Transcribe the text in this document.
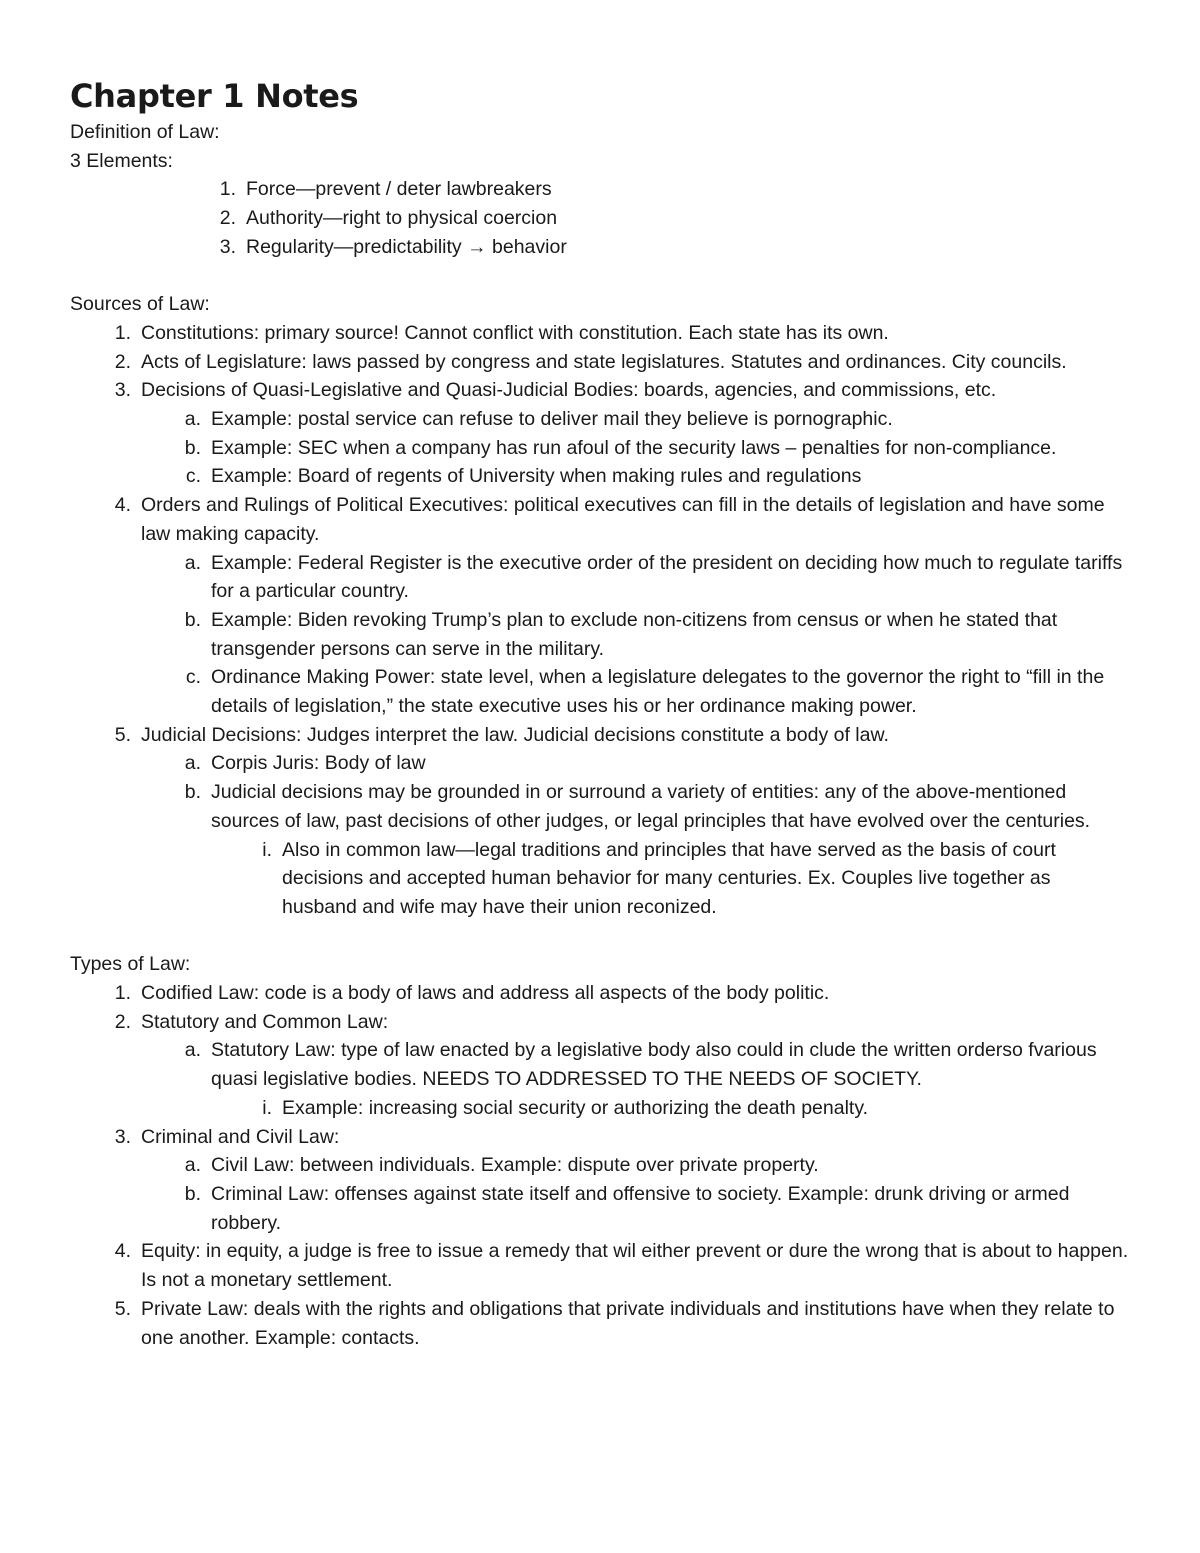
Chapter 1 Notes
Definition of Law:
3 Elements:
1. Force—prevent / deter lawbreakers
2. Authority—right to physical coercion
3. Regularity—predictability → behavior
Sources of Law:
1. Constitutions: primary source! Cannot conflict with constitution. Each state has its own.
2. Acts of Legislature: laws passed by congress and state legislatures. Statutes and ordinances. City councils.
3. Decisions of Quasi-Legislative and Quasi-Judicial Bodies: boards, agencies, and commissions, etc.
a. Example: postal service can refuse to deliver mail they believe is pornographic.
b. Example: SEC when a company has run afoul of the security laws – penalties for non-compliance.
c. Example: Board of regents of University when making rules and regulations
4. Orders and Rulings of Political Executives: political executives can fill in the details of legislation and have some law making capacity.
a. Example: Federal Register is the executive order of the president on deciding how much to regulate tariffs for a particular country.
b. Example: Biden revoking Trump’s plan to exclude non-citizens from census or when he stated that transgender persons can serve in the military.
c. Ordinance Making Power: state level, when a legislature delegates to the governor the right to “fill in the details of legislation,” the state executive uses his or her ordinance making power.
5. Judicial Decisions: Judges interpret the law. Judicial decisions constitute a body of law.
a. Corpis Juris: Body of law
b. Judicial decisions may be grounded in or surround a variety of entities: any of the above-mentioned sources of law, past decisions of other judges, or legal principles that have evolved over the centuries.
i. Also in common law—legal traditions and principles that have served as the basis of court decisions and accepted human behavior for many centuries. Ex. Couples live together as husband and wife may have their union reconized.
Types of Law:
1. Codified Law: code is a body of laws and address all aspects of the body politic.
2. Statutory and Common Law:
a. Statutory Law: type of law enacted by a legislative body also could in clude the written orderso fvarious quasi legislative bodies. NEEDS TO ADDRESSED TO THE NEEDS OF SOCIETY.
i. Example: increasing social security or authorizing the death penalty.
3. Criminal and Civil Law:
a. Civil Law: between individuals. Example: dispute over private property.
b. Criminal Law: offenses against state itself and offensive to society. Example: drunk driving or armed robbery.
4. Equity: in equity, a judge is free to issue a remedy that wil either prevent or dure the wrong that is about to happen. Is not a monetary settlement.
5. Private Law: deals with the rights and obligations that private individuals and institutions have when they relate to one another. Example: contacts.
